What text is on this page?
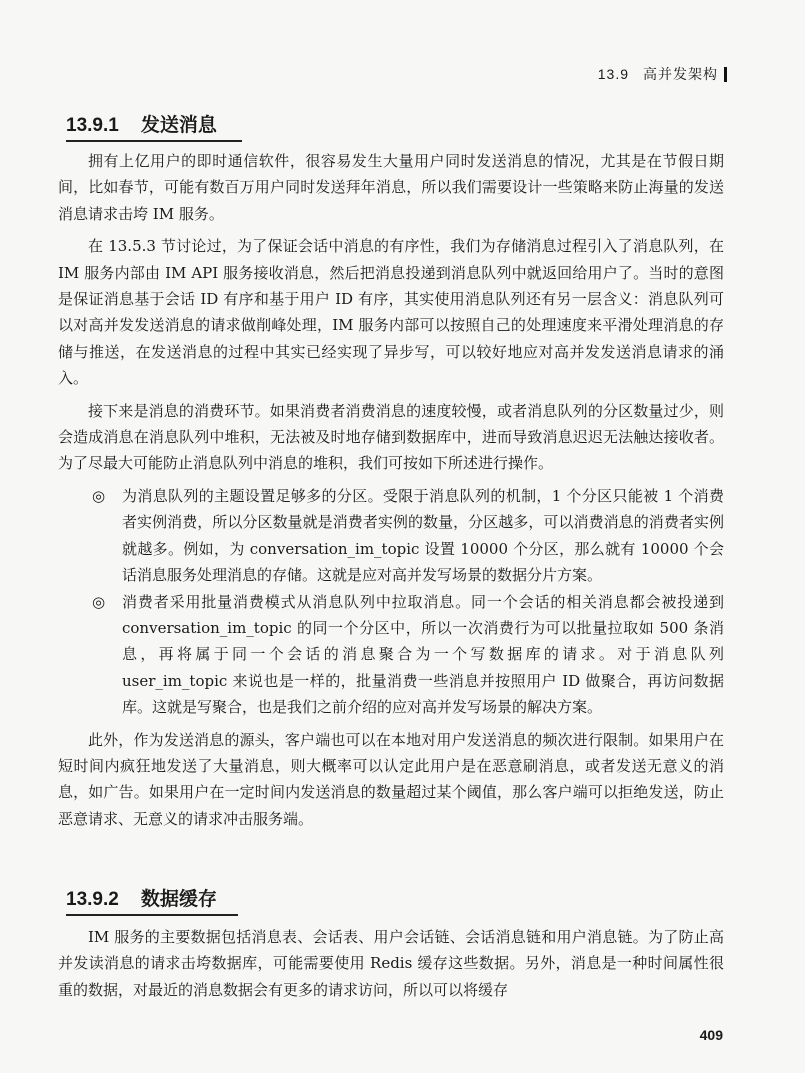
13.9 高并发架构
13.9.1 发送消息

拥有上亿用户的即时通信软件，很容易发生大量用户同时发送消息的情况，尤其是在节假日期间，比如春节，可能有数百万用户同时发送拜年消息，所以我们需要设计一些策略来防止海量的发送消息请求击垮 IM 服务。

在 13.5.3 节讨论过，为了保证会话中消息的有序性，我们为存储消息过程引入了消息队列，在 IM 服务内部由 IM API 服务接收消息，然后把消息投递到消息队列中就返回给用户了。当时的意图是保证消息基于会话 ID 有序和基于用户 ID 有序，其实使用消息队列还有另一层含义：消息队列可以对高并发发送消息的请求做削峰处理，IM 服务内部可以按照自己的处理速度来平滑处理消息的存储与推送，在发送消息的过程中其实已经实现了异步写，可以较好地应对高并发发送消息请求的涌入。

接下来是消息的消费环节。如果消费者消费消息的速度较慢，或者消息队列的分区数量过少，则会造成消息在消息队列中堆积，无法被及时地存储到数据库中，进而导致消息迟迟无法触达接收者。为了尽最大可能防止消息队列中消息的堆积，我们可按如下所述进行操作。

◎ 为消息队列的主题设置足够多的分区。受限于消息队列的机制，1 个分区只能被 1 个消费者实例消费，所以分区数量就是消费者实例的数量，分区越多，可以消费消息的消费者实例就越多。例如，为 conversation_im_topic 设置 10000 个分区，那么就有 10000 个会话消息服务处理消息的存储。这就是应对高并发写场景的数据分片方案。
◎ 消费者采用批量消费模式从消息队列中拉取消息。同一个会话的相关消息都会被投递到 conversation_im_topic 的同一个分区中，所以一次消费行为可以批量拉取如 500 条消息，再将属于同一个会话的消息聚合为一个写数据库的请求。对于消息队列 user_im_topic 来说也是一样的，批量消费一些消息并按照用户 ID 做聚合，再访问数据库。这就是写聚合，也是我们之前介绍的应对高并发写场景的解决方案。

此外，作为发送消息的源头，客户端也可以在本地对用户发送消息的频次进行限制。如果用户在短时间内疯狂地发送了大量消息，则大概率可以认定此用户是在恶意刷消息，或者发送无意义的消息，如广告。如果用户在一定时间内发送消息的数量超过某个阈值，那么客户端可以拒绝发送，防止恶意请求、无意义的请求冲击服务端。

13.9.2 数据缓存

IM 服务的主要数据包括消息表、会话表、用户会话链、会话消息链和用户消息链。为了防止高并发读消息的请求击垮数据库，可能需要使用 Redis 缓存这些数据。另外，消息是一种时间属性很重的数据，对最近的消息数据会有更多的请求访问，所以可以将缓存

409
